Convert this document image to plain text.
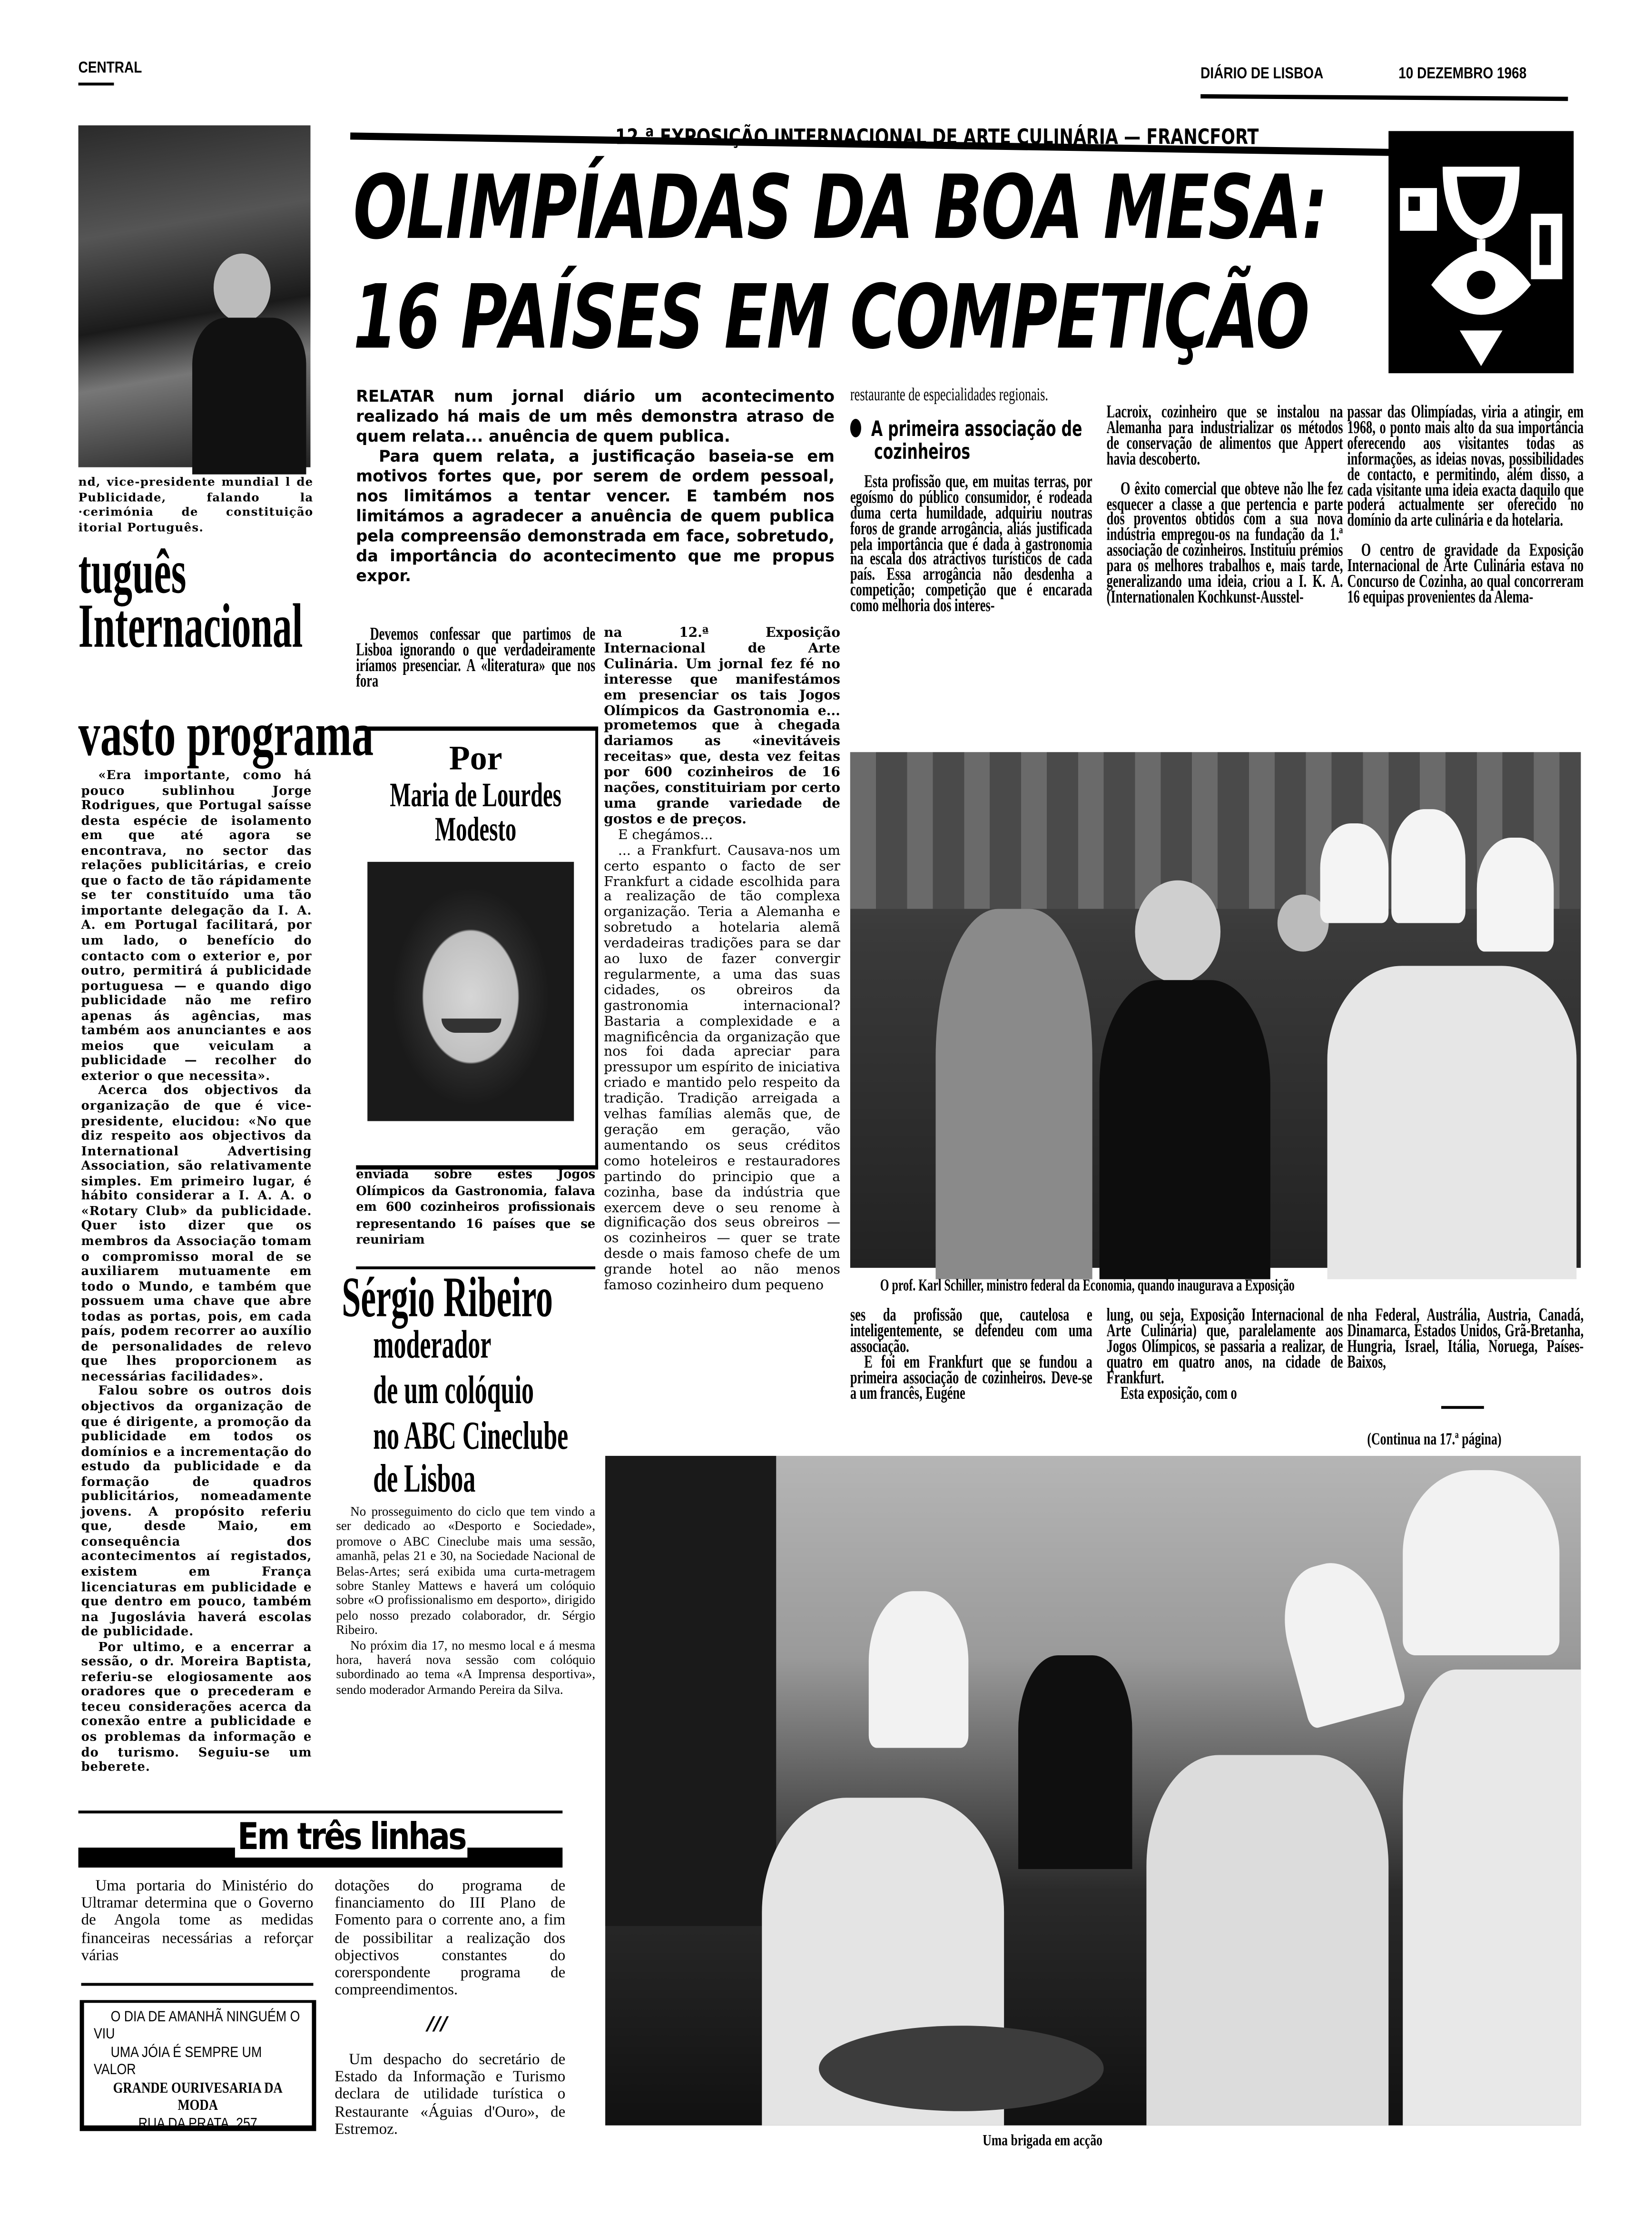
CENTRAL	DIÁRIO DE LISBOA	10 DEZEMBRO 1968
nd, vice-presidente mundial l de Publicidade, falando la ·cerimónia de constituição itorial Português.
tuguês
Internacional
vasto programa

«Era importante, como há pouco sublinhou Jorge Rodrigues, que Portugal saísse desta espécie de isolamento em que até agora se encontrava, no sector das relações publicitárias, e creio que o facto de tão rápidamente se ter constituído uma tão importante delegação da I. A. A. em Portugal facilitará, por um lado, o benefício do contacto com o exterior e, por outro, permitirá á publicidade portuguesa — e quando digo publicidade não me refiro apenas ás agências, mas também aos anunciantes e aos meios que veiculam a publicidade — recolher do exterior o que necessita».

Acerca dos objectivos da organização de que é vice-presidente, elucidou: «No que diz respeito aos objectivos da International Advertising Association, são relativamente simples. Em primeiro lugar, é hábito considerar a I. A. A. o «Rotary Club» da publicidade. Quer isto dizer que os membros da Associação tomam o compromisso moral de se auxiliarem mutuamente em todo o Mundo, e também que possuem uma chave que abre todas as portas, pois, em cada país, podem recorrer ao auxílio de personalidades de relevo que lhes proporcionem as necessárias facilidades».

Falou sobre os outros dois objectivos da organização de que é dirigente, a promoção da publicidade em todos os domínios e a incrementação do estudo da publicidade e da formação de quadros publicitários, nomeadamente jovens. A propósito referiu que, desde Maio, em consequência dos acontecimentos aí registados, existem em França licenciaturas em publicidade e que dentro em pouco, também na Jugoslávia haverá escolas de publicidade.

Por ultimo, e a encerrar a sessão, o dr. Moreira Baptista, referiu-se elogiosamente aos oradores que o precederam e teceu considerações acerca da conexão entre a publicidade e os problemas da informação e do turismo. Seguiu-se um beberete.

12.ª EXPOSIÇÃO INTERNACIONAL DE ARTE CULINÁRIA — FRANCFORT
OLIMPÍADAS DA BOA MESA:
16 PAÍSES EM COMPETIÇÃO

RELATAR num jornal diário um acontecimento realizado há mais de um mês demonstra atraso de quem relata... anuência de quem publica.

Para quem relata, a justificação baseia-se em motivos fortes que, por serem de ordem pessoal, nos limitámos a tentar vencer. E também nos limitámos a agradecer a anuência de quem publica pela compreensão demonstrada em face, sobretudo, da importância do acontecimento que me propus expor.

Devemos confessar que partimos de Lisboa ignorando o que verdadeiramente iríamos presenciar. A «literatura» que nos fora

Por
Maria de Lourdes Modesto

enviada sobre estes Jogos Olímpicos da Gastronomia, falava em 600 cozinheiros profissionais representando 16 países que se reuniriam

Sérgio Ribeiro
moderador
de um colóquio
no ABC Cineclube
de Lisboa

No prosseguimento do ciclo que tem vindo a ser dedicado ao «Desporto e Sociedade», promove o ABC Cineclube mais uma sessão, amanhã, pelas 21 e 30, na Sociedade Nacional de Belas-Artes; será exibida uma curta-metragem sobre Stanley Mattews e haverá um colóquio sobre «O profissionalismo em desporto», dirigido pelo nosso prezado colaborador, dr. Sérgio Ribeiro.

No próxim dia 17, no mesmo local e á mesma hora, haverá nova sessão com colóquio subordinado ao tema «A Imprensa desportiva», sendo moderador Armando Pereira da Silva.

na 12.ª Exposição Internacional de Arte Culinária. Um jornal fez fé no interesse que manifestámos em presenciar os tais Jogos Olímpicos da Gastronomia e... prometemos que à chegada dariamos as «inevitáveis receitas» que, desta vez feitas por 600 cozinheiros de 16 nações, constituiriam por certo uma grande variedade de gostos e de preços.

E chegámos...

... a Frankfurt. Causava-nos um certo espanto o facto de ser Frankfurt a cidade escolhida para a realização de tão complexa organização. Teria a Alemanha e sobretudo a hotelaria alemã verdadeiras tradições para se dar ao luxo de fazer convergir regularmente, a uma das suas cidades, os obreiros da gastronomia internacional? Bastaria a complexidade e a magnificência da organização que nos foi dada apreciar para pressupor um espírito de iniciativa criado e mantido pelo respeito da tradição. Tradição arreigada a velhas famílias alemãs que, de geração em geração, vão aumentando os seus créditos como hoteleiros e restauradores partindo do principio que a cozinha, base da indústria que exercem deve o seu renome à dignificação dos seus obreiros — os cozinheiros — quer se trate desde o mais famoso chefe de um grande hotel ao não menos famoso cozinheiro dum pequeno

restaurante de especialidades regionais.

A primeira associação de cozinheiros

Esta profissão que, em muitas terras, por egoísmo do público consumidor, é rodeada duma certa humildade, adquiriu noutras foros de grande arrogância, aliás justificada pela importância que é dada à gastronomia na escala dos atractivos turísticos de cada país. Essa arrogância não desdenha a competição; competição que é encarada como melhoria dos interes-

Lacroix, cozinheiro que se instalou na Alemanha para industrializar os métodos de conservação de alimentos que Appert havia descoberto.

O êxito comercial que obteve não lhe fez esquecer a classe a que pertencia e parte dos proventos obtidos com a sua nova indústria empregou-os na fundação da 1.ª associação de cozinheiros. Instituiu prémios para os melhores trabalhos e, mais tarde, generalizando uma ideia, criou a I. K. A. (Internationalen Kochkunst-Ausstel-

passar das Olimpíadas, viria a atingir, em 1968, o ponto mais alto da sua importância oferecendo aos visitantes todas as informações, as ideias novas, possibilidades de contacto, e permitindo, além disso, a cada visitante uma ideia exacta daquilo que poderá actualmente ser oferecido no domínio da arte culinária e da hotelaria.

O centro de gravidade da Exposição Internacional de Arte Culinária estava no Concurso de Cozinha, ao qual concorreram 16 equipas provenientes da Alema-

O prof. Karl Schiller, ministro federal da Economia, quando inaugurava a Exposição

ses da profissão que, cautelosa e inteligentemente, se defendeu com uma associação.

E foi em Frankfurt que se fundou a primeira associação de cozinheiros. Deve-se a um francês, Eugéne

lung, ou seja, Exposição Internacional de Arte Culinária) que, paralelamente aos Jogos Olímpicos, se passaria a realizar, de quatro em quatro anos, na cidade de Frankfurt.

Esta exposição, com o

nha Federal, Austrália, Austria, Canadá, Dinamarca, Estados Unidos, Grã-Bretanha, Hungria, Israel, Itália, Noruega, Países-Baixos,

(Continua na 17.ª página)
Uma brigada em acção
Em três linhas

Uma portaria do Ministério do Ultramar determina que o Governo de Angola tome as medidas financeiras necessárias a reforçar várias

dotações do programa de financiamento do III Plano de Fomento para o corrente ano, a fim de possibilitar a realização dos objectivos constantes do corerspondente programa de compreendimentos.

///

Um despacho do secretário de Estado da Informação e Turismo declara de utilidade turística o Restaurante «Águias d'Ouro», de Estremoz.

O DIA DE AMANHÃ NINGUÉM O VIU
UMA JÓIA É SEMPRE UM VALOR
GRANDE OURIVESARIA DA MODA
RUA DA PRATA, 257
